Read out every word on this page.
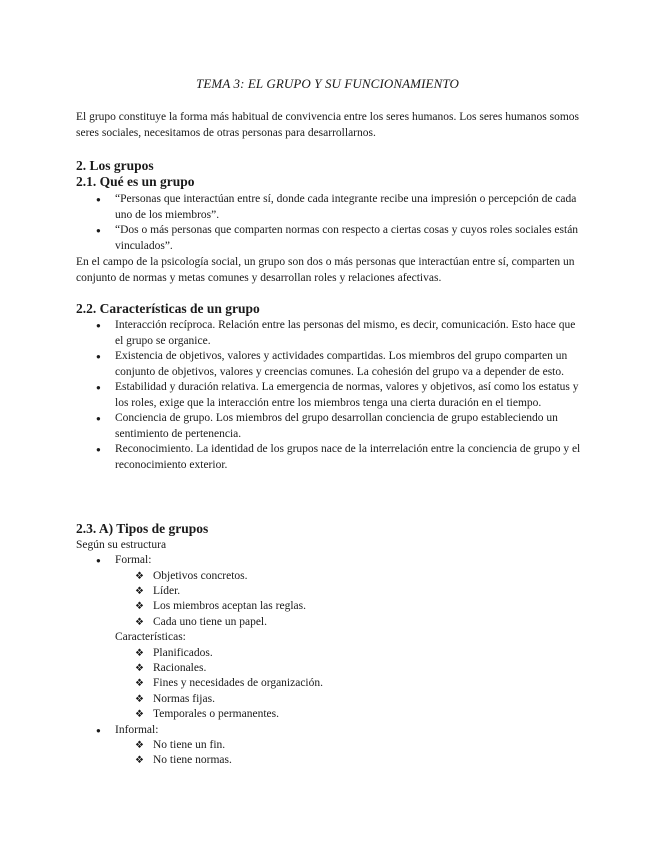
TEMA 3: EL GRUPO Y SU FUNCIONAMIENTO

El grupo constituye la forma más habitual de convivencia entre los seres humanos. Los seres humanos somos seres sociales, necesitamos de otras personas para desarrollarnos.

2. Los grupos

2.1. Qué es un grupo

● “Personas que interactúan entre sí, donde cada integrante recibe una impresión o percepción de cada uno de los miembros”.
● “Dos o más personas que comparten normas con respecto a ciertas cosas y cuyos roles sociales están vinculados”.

En el campo de la psicología social, un grupo son dos o más personas que interactúan entre sí, comparten un conjunto de normas y metas comunes y desarrollan roles y relaciones afectivas.

2.2. Características de un grupo

● Interacción recíproca. Relación entre las personas del mismo, es decir, comunicación. Esto hace que el grupo se organice.
● Existencia de objetivos, valores y actividades compartidas. Los miembros del grupo comparten un conjunto de objetivos, valores y creencias comunes. La cohesión del grupo va a depender de esto.
● Estabilidad y duración relativa. La emergencia de normas, valores y objetivos, así como los estatus y los roles, exige que la interacción entre los miembros tenga una cierta duración en el tiempo.
● Conciencia de grupo. Los miembros del grupo desarrollan conciencia de grupo estableciendo un sentimiento de pertenencia.
● Reconocimiento. La identidad de los grupos nace de la interrelación entre la conciencia de grupo y el reconocimiento exterior.

2.3. A) Tipos de grupos

Según su estructura

● Formal:
❖ Objetivos concretos.
❖ Líder.
❖ Los miembros aceptan las reglas.
❖ Cada uno tiene un papel.
Características:
❖ Planificados.
❖ Racionales.
❖ Fines y necesidades de organización.
❖ Normas fijas.
❖ Temporales o permanentes.
● Informal:
❖ No tiene un fin.
❖ No tiene normas.
